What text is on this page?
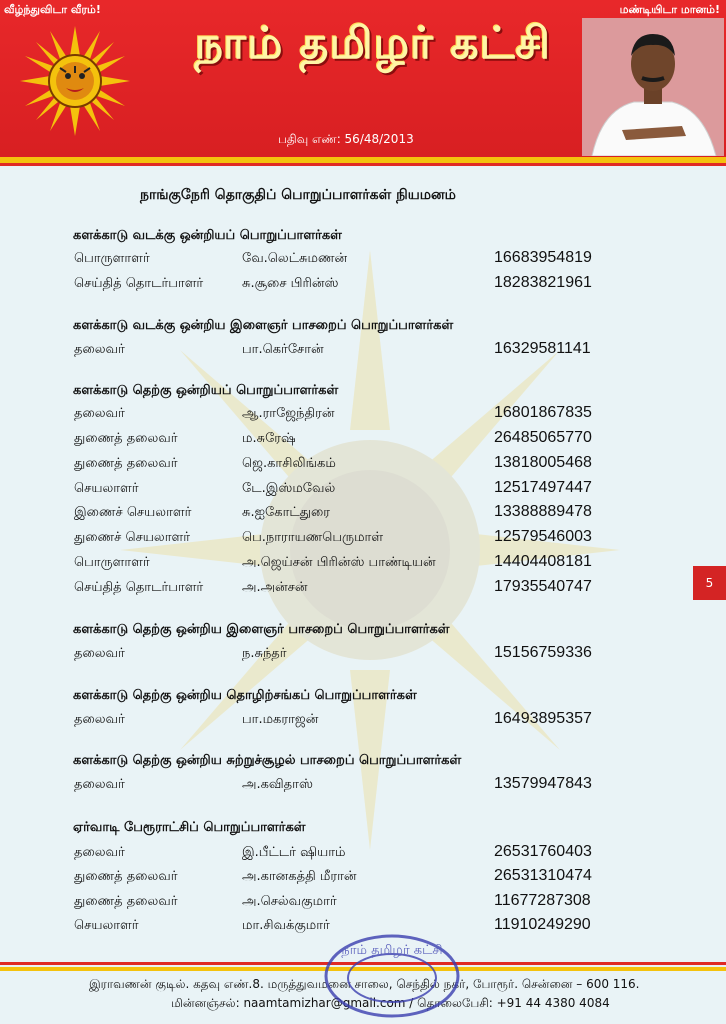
வீழ்ந்துவிடா வீரம்!	மண்டியிடா மானம்!
நாம் தமிழர் கட்சி
பதிவு எண்: 56/48/2013
நாங்குநேரி தொகுதிப் பொறுப்பாளர்கள் நியமனம்
களக்காடு வடக்கு ஒன்றியப் பொறுப்பாளர்கள்
பொருளாளர்	வே.லெட்சுமணன்	16683954819
செய்தித் தொடர்பாளர்	சு.சூசை பிரின்ஸ்	18283821961
களக்காடு வடக்கு ஒன்றிய இளைஞர் பாசறைப் பொறுப்பாளர்கள்
தலைவர்	பா.கெர்சோன்	16329581141
களக்காடு தெற்கு ஒன்றியப் பொறுப்பாளர்கள்
தலைவர்	ஆ.ராஜேந்திரன்	16801867835
துணைத் தலைவர்	ம.சுரேஷ்	26485065770
துணைத் தலைவர்	ஜெ.காசிலிங்கம்	13818005468
செயலாளர்	டே.இஸ்மவேல்	12517497447
இணைச் செயலாளர்	சு.ஐகோட்துரை	13388889478
துணைச் செயலாளர்	பெ.நாராயணபெருமாள்	12579546003
பொருளாளர்	அ.ஜெய்சன் பிரின்ஸ் பாண்டியன்	14404408181
செய்தித் தொடர்பாளர்	அ.அன்சன்	17935540747
களக்காடு தெற்கு ஒன்றிய இளைஞர் பாசறைப் பொறுப்பாளர்கள்
தலைவர்	ந.சுந்தர்	15156759336
களக்காடு தெற்கு ஒன்றிய தொழிற்சங்கப் பொறுப்பாளர்கள்
தலைவர்	பா.மகராஜன்	16493895357
களக்காடு தெற்கு ஒன்றிய சுற்றுச்சூழல் பாசறைப் பொறுப்பாளர்கள்
தலைவர்	அ.கவிதாஸ்	13579947843
ஏர்வாடி பேரூராட்சிப் பொறுப்பாளர்கள்
தலைவர்	இ.பீட்டர் ஷியாம்	26531760403
துணைத் தலைவர்	அ.கானகத்தி மீரான்	26531310474
துணைத் தலைவர்	அ.செல்வகுமார்	11677287308
செயலாளர்	மா.சிவக்குமார்	11910249290
5
இராவணன் குடில். கதவு எண்.8. மருத்துவமனை சாலை, செந்தில் நகர், போரூர். சென்னை – 600 116.
மின்னஞ்சல்: naamtamizhar@gmail.com / தொலைபேசி: +91 44 4380 4084
நாம் தமிழர் கட்சி
